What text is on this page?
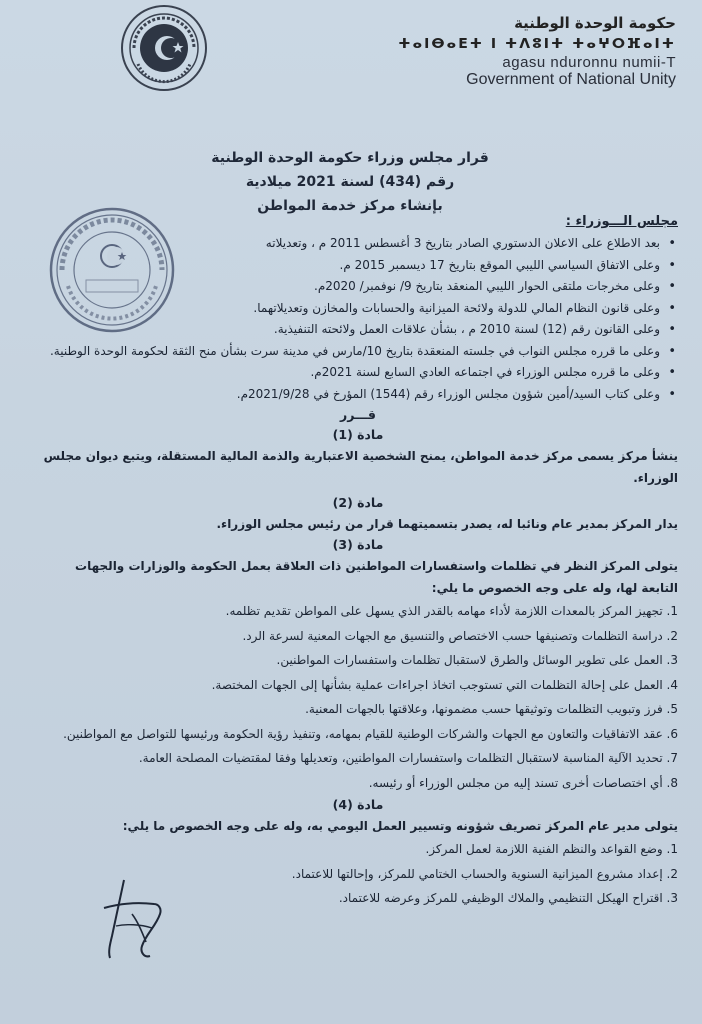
حكومة الوحدة الوطنية
ⵜⴰⵏⴱⴰⴹⵜ ⵏ ⵜⴷⵓⵏⵜ ⵜⴰⵖⵔⴼⴰⵏⵜ
agasu nduronnu numii-T
Government of National Unity
قرار مجلس وزراء حكومة الوحدة الوطنية
رقم (434) لسنة 2021 ميلادية
بإنشاء مركز خدمة المواطن
مجلس الـــوزراء :
•
بعد الاطلاع على الاعلان الدستوري الصادر بتاريخ 3 أغسطس 2011 م ، وتعديلاته
•
وعلى الاتفاق السياسي الليبي الموقع بتاريخ 17 ديسمبر 2015 م.
•
وعلى مخرجات ملتقى الحوار الليبي المنعقد بتاريخ 9/ نوفمبر/ 2020م.
•
وعلى قانون النظام المالي للدولة ولائحة الميزانية والحسابات والمخازن وتعديلاتهما.
•
وعلى القانون رقم (12) لسنة 2010 م ، بشأن علاقات العمل ولائحته التنفيذية.
•
وعلى ما قرره مجلس النواب في جلسته المنعقدة بتاريخ 10/مارس في مدينة سرت بشأن منح الثقة لحكومة الوحدة الوطنية.
•
وعلى ما قرره مجلس الوزراء في اجتماعه العادي السابع لسنة 2021م.
•
وعلى كتاب السيد/أمين شؤون مجلس الوزراء رقم (1544) المؤرخ في 2021/9/28م.
قـــرر
مادة (1)
ينشأ مركز يسمى مركز خدمة المواطن، يمنح الشخصية الاعتبارية والذمة المالية المستقلة، ويتبع ديوان مجلس الوزراء.
مادة (2)
يدار المركز بمدير عام ونائبا له، يصدر بتسميتهما قرار من رئيس مجلس الوزراء.
مادة (3)
يتولى المركز النظر في تظلمات واستفسارات المواطنين ذات العلاقة بعمل الحكومة والوزارات والجهات التابعة لها، وله على وجه الخصوص ما يلي:
1. تجهيز المركز بالمعدات اللازمة لأداء مهامه بالقدر الذي يسهل على المواطن تقديم تظلمه.
2. دراسة التظلمات وتصنيفها حسب الاختصاص والتنسيق مع الجهات المعنية لسرعة الرد.
3. العمل على تطوير الوسائل والطرق لاستقبال تظلمات واستفسارات المواطنين.
4. العمل على إحالة التظلمات التي تستوجب اتخاذ اجراءات عملية بشأنها إلى الجهات المختصة.
5. فرز وتبويب التظلمات وتوثيقها حسب مضمونها، وعلاقتها بالجهات المعنية.
6. عقد الاتفاقيات والتعاون مع الجهات والشركات الوطنية للقيام بمهامه، وتنفيذ رؤية الحكومة ورئيسها للتواصل مع المواطنين.
7. تحديد الآلية المناسبة لاستقبال التظلمات واستفسارات المواطنين، وتعديلها وفقا لمقتضيات المصلحة العامة.
8. أي اختصاصات أخرى تسند إليه من مجلس الوزراء أو رئيسه.
مادة (4)
يتولى مدير عام المركز تصريف شؤونه وتسيير العمل اليومي به، وله على وجه الخصوص ما يلي:
1. وضع القواعد والنظم الفنية اللازمة لعمل المركز.
2. إعداد مشروع الميزانية السنوية والحساب الختامي للمركز، وإحالتها للاعتماد.
3. اقتراح الهيكل التنظيمي والملاك الوظيفي للمركز وعرضه للاعتماد.
